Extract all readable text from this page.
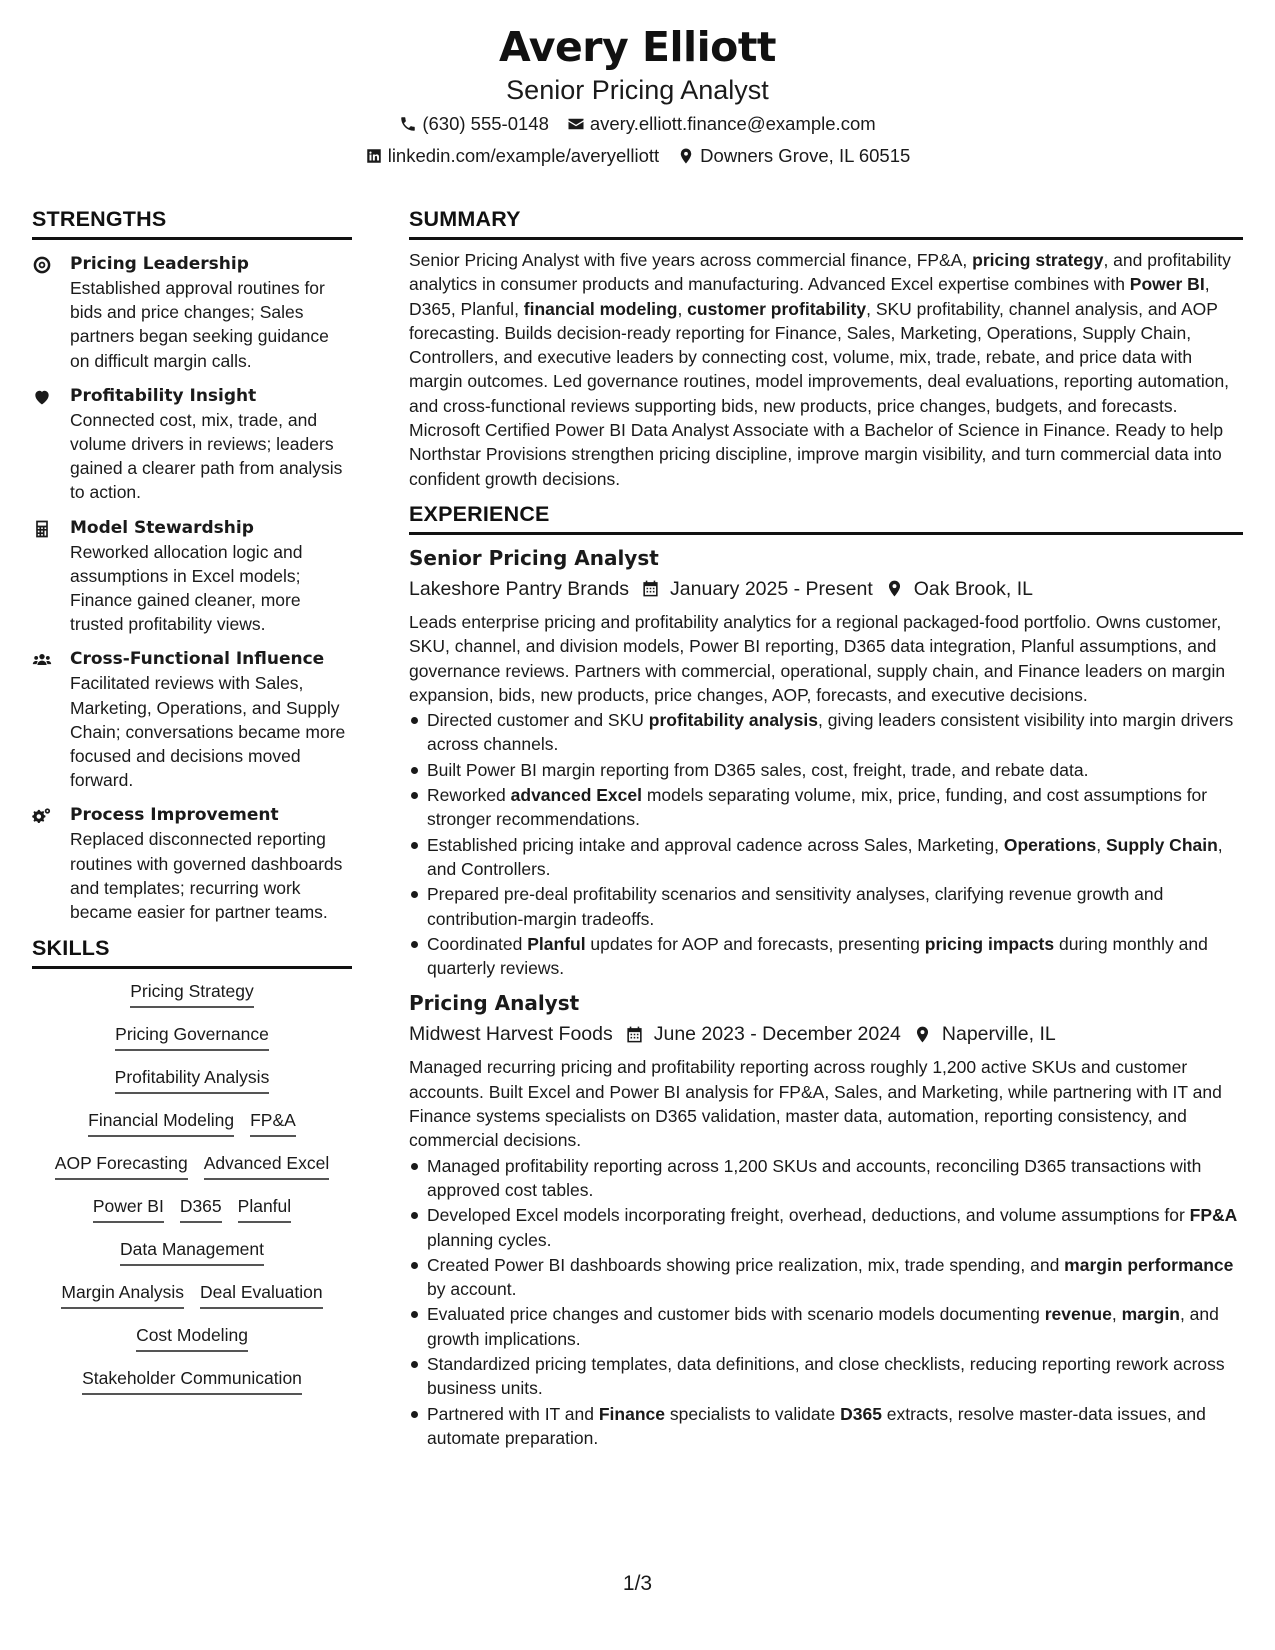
Avery Elliott
Senior Pricing Analyst
(630) 555-0148 avery.elliott.finance@example.com
linkedin.com/example/averyelliott Downers Grove, IL 60515
STRENGTHS
Pricing Leadership
Established approval routines for bids and price changes; Sales partners began seeking guidance on difficult margin calls.
Profitability Insight
Connected cost, mix, trade, and volume drivers in reviews; leaders gained a clearer path from analysis to action.
Model Stewardship
Reworked allocation logic and assumptions in Excel models; Finance gained cleaner, more trusted profitability views.
Cross-Functional Influence
Facilitated reviews with Sales, Marketing, Operations, and Supply Chain; conversations became more focused and decisions moved forward.
Process Improvement
Replaced disconnected reporting routines with governed dashboards and templates; recurring work became easier for partner teams.
SKILLS
Pricing Strategy
Pricing Governance
Profitability Analysis
Financial Modeling FP&A
AOP Forecasting Advanced Excel
Power BI D365 Planful
Data Management
Margin Analysis Deal Evaluation
Cost Modeling
Stakeholder Communication
SUMMARY
Senior Pricing Analyst with five years across commercial finance, FP&A, pricing strategy, and profitability analytics in consumer products and manufacturing. Advanced Excel expertise combines with Power BI, D365, Planful, financial modeling, customer profitability, SKU profitability, channel analysis, and AOP forecasting. Builds decision-ready reporting for Finance, Sales, Marketing, Operations, Supply Chain, Controllers, and executive leaders by connecting cost, volume, mix, trade, rebate, and price data with margin outcomes. Led governance routines, model improvements, deal evaluations, reporting automation, and cross-functional reviews supporting bids, new products, price changes, budgets, and forecasts. Microsoft Certified Power BI Data Analyst Associate with a Bachelor of Science in Finance. Ready to help Northstar Provisions strengthen pricing discipline, improve margin visibility, and turn commercial data into confident growth decisions.
EXPERIENCE
Senior Pricing Analyst
Lakeshore Pantry Brands January 2025 - Present Oak Brook, IL
Leads enterprise pricing and profitability analytics for a regional packaged-food portfolio. Owns customer, SKU, channel, and division models, Power BI reporting, D365 data integration, Planful assumptions, and governance reviews. Partners with commercial, operational, supply chain, and Finance leaders on margin expansion, bids, new products, price changes, AOP, forecasts, and executive decisions.
Directed customer and SKU profitability analysis, giving leaders consistent visibility into margin drivers across channels.
Built Power BI margin reporting from D365 sales, cost, freight, trade, and rebate data.
Reworked advanced Excel models separating volume, mix, price, funding, and cost assumptions for stronger recommendations.
Established pricing intake and approval cadence across Sales, Marketing, Operations, Supply Chain, and Controllers.
Prepared pre-deal profitability scenarios and sensitivity analyses, clarifying revenue growth and contribution-margin tradeoffs.
Coordinated Planful updates for AOP and forecasts, presenting pricing impacts during monthly and quarterly reviews.
Pricing Analyst
Midwest Harvest Foods June 2023 - December 2024 Naperville, IL
Managed recurring pricing and profitability reporting across roughly 1,200 active SKUs and customer accounts. Built Excel and Power BI analysis for FP&A, Sales, and Marketing, while partnering with IT and Finance systems specialists on D365 validation, master data, automation, reporting consistency, and commercial decisions.
Managed profitability reporting across 1,200 SKUs and accounts, reconciling D365 transactions with approved cost tables.
Developed Excel models incorporating freight, overhead, deductions, and volume assumptions for FP&A planning cycles.
Created Power BI dashboards showing price realization, mix, trade spending, and margin performance by account.
Evaluated price changes and customer bids with scenario models documenting revenue, margin, and growth implications.
Standardized pricing templates, data definitions, and close checklists, reducing reporting rework across business units.
Partnered with IT and Finance specialists to validate D365 extracts, resolve master-data issues, and automate preparation.
1/3
